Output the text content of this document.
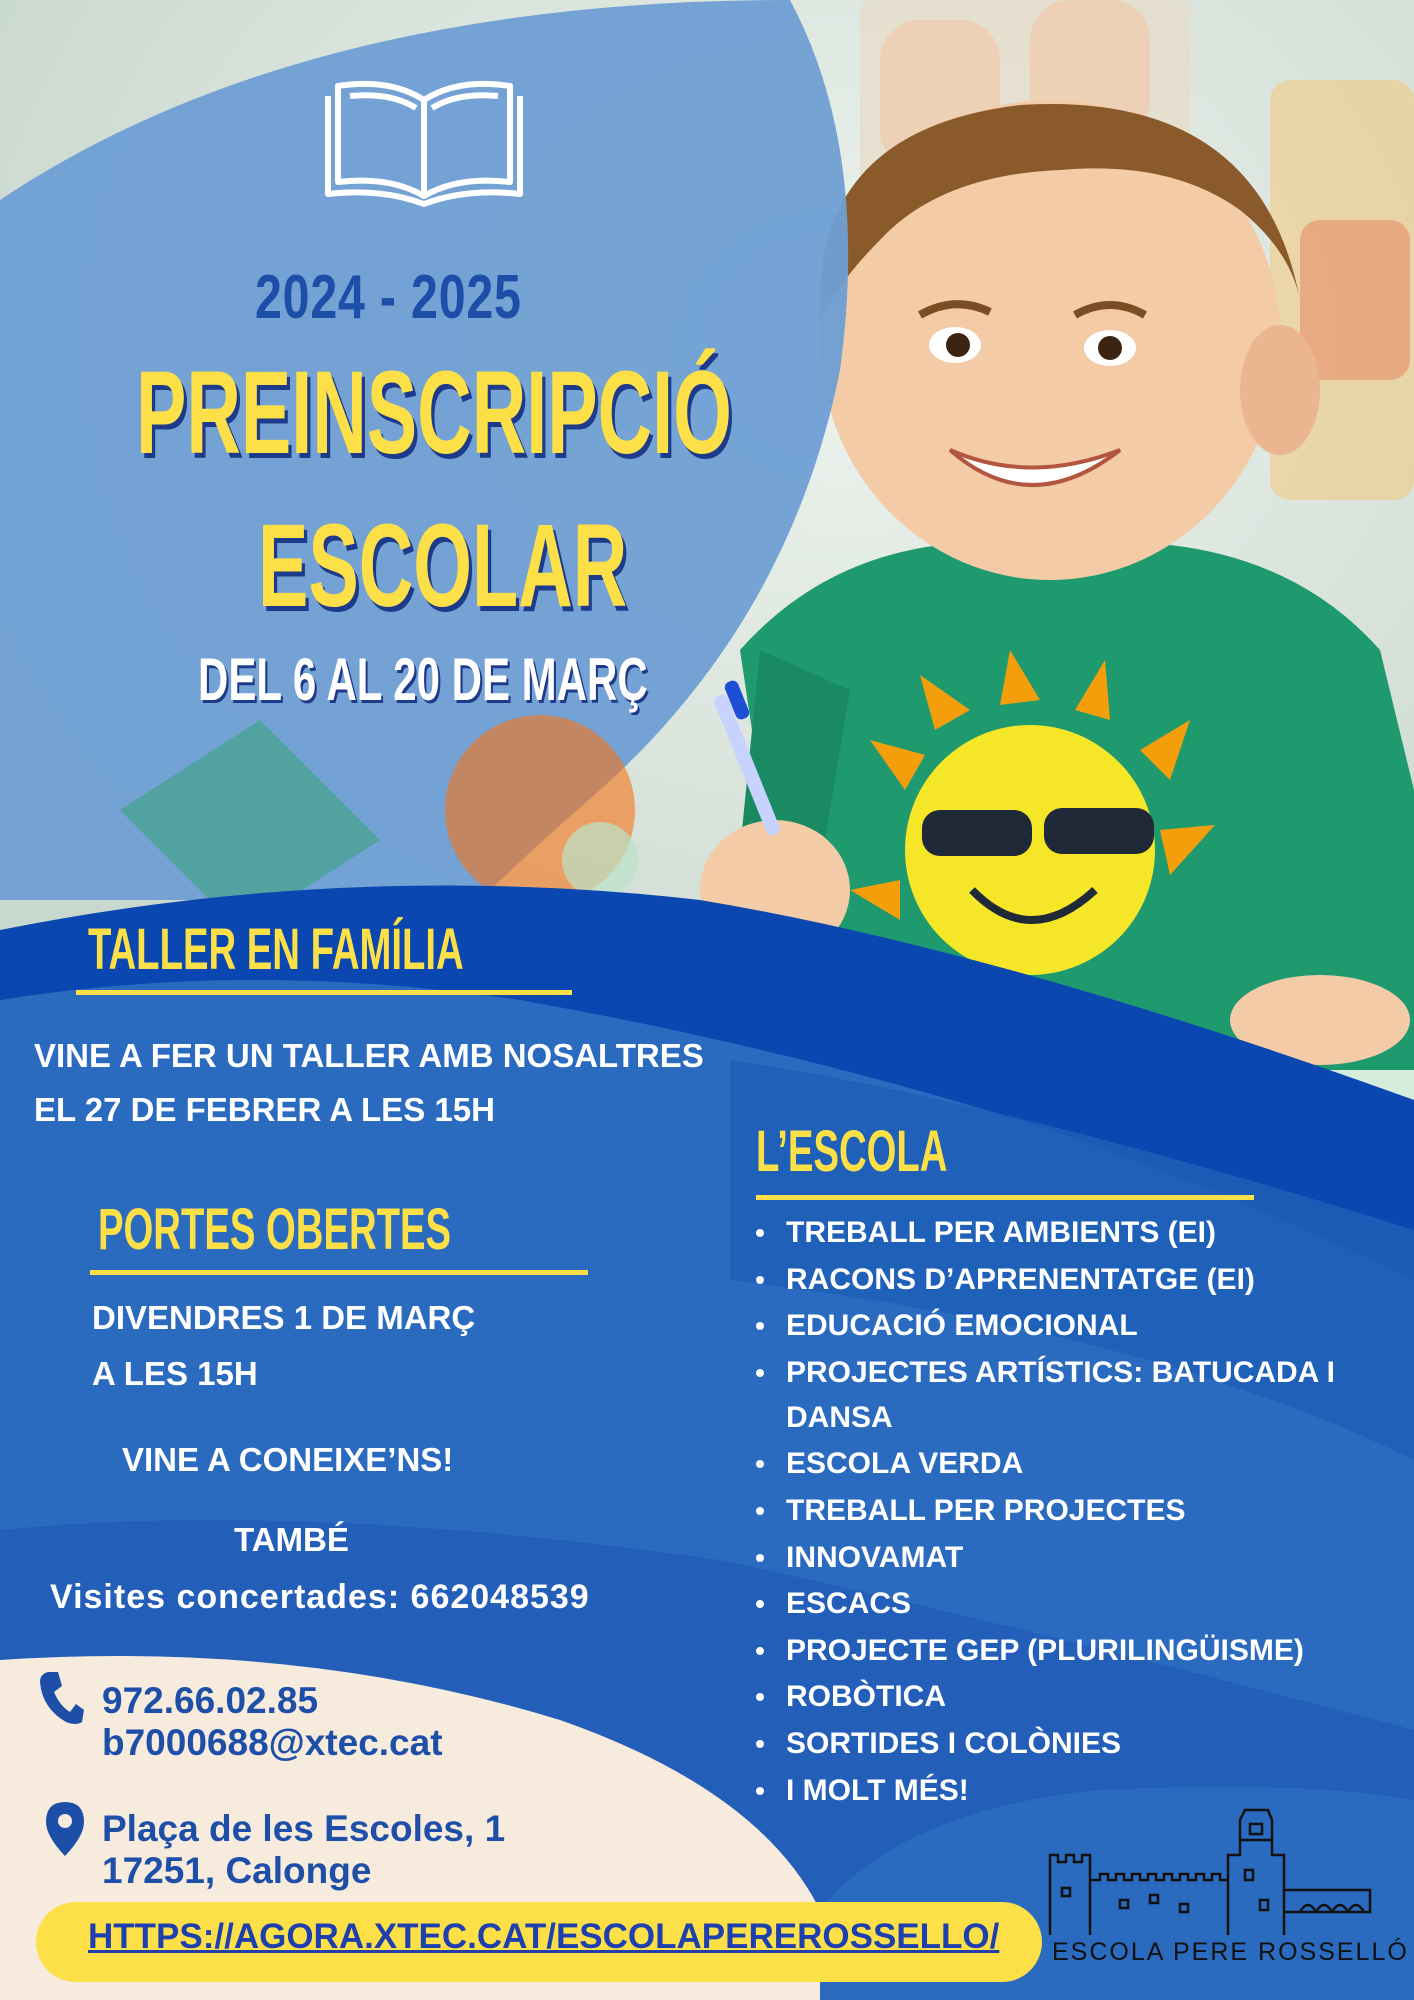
2024 - 2025
PREINSCRIPCIÓ
ESCOLAR
DEL 6 AL 20 DE MARÇ
TALLER EN FAMÍLIA
VINE A FER UN TALLER AMB NOSALTRES
EL 27 DE FEBRER A LES 15H
PORTES OBERTES
DIVENDRES 1 DE MARÇ
A LES 15H
VINE A CONEIXE’NS!
TAMBÉ
Visites concertades: 662048539
L’ESCOLA
TREBALL PER AMBIENTS (EI)
RACONS D’APRENENTATGE (EI)
EDUCACIÓ EMOCIONAL
PROJECTES ARTÍSTICS: BATUCADA I DANSA
ESCOLA VERDA
TREBALL PER PROJECTES
INNOVAMAT
ESCACS
PROJECTE GEP (PLURILINGÜISME)
ROBÒTICA
SORTIDES I COLÒNIES
I MOLT MÉS!
972.66.02.85
b7000688@xtec.cat
Plaça de les Escoles, 1
17251, Calonge
HTTPS://AGORA.XTEC.CAT/ESCOLAPEREROSSELLO/ ESCOLA PERE ROSSELLÓ
